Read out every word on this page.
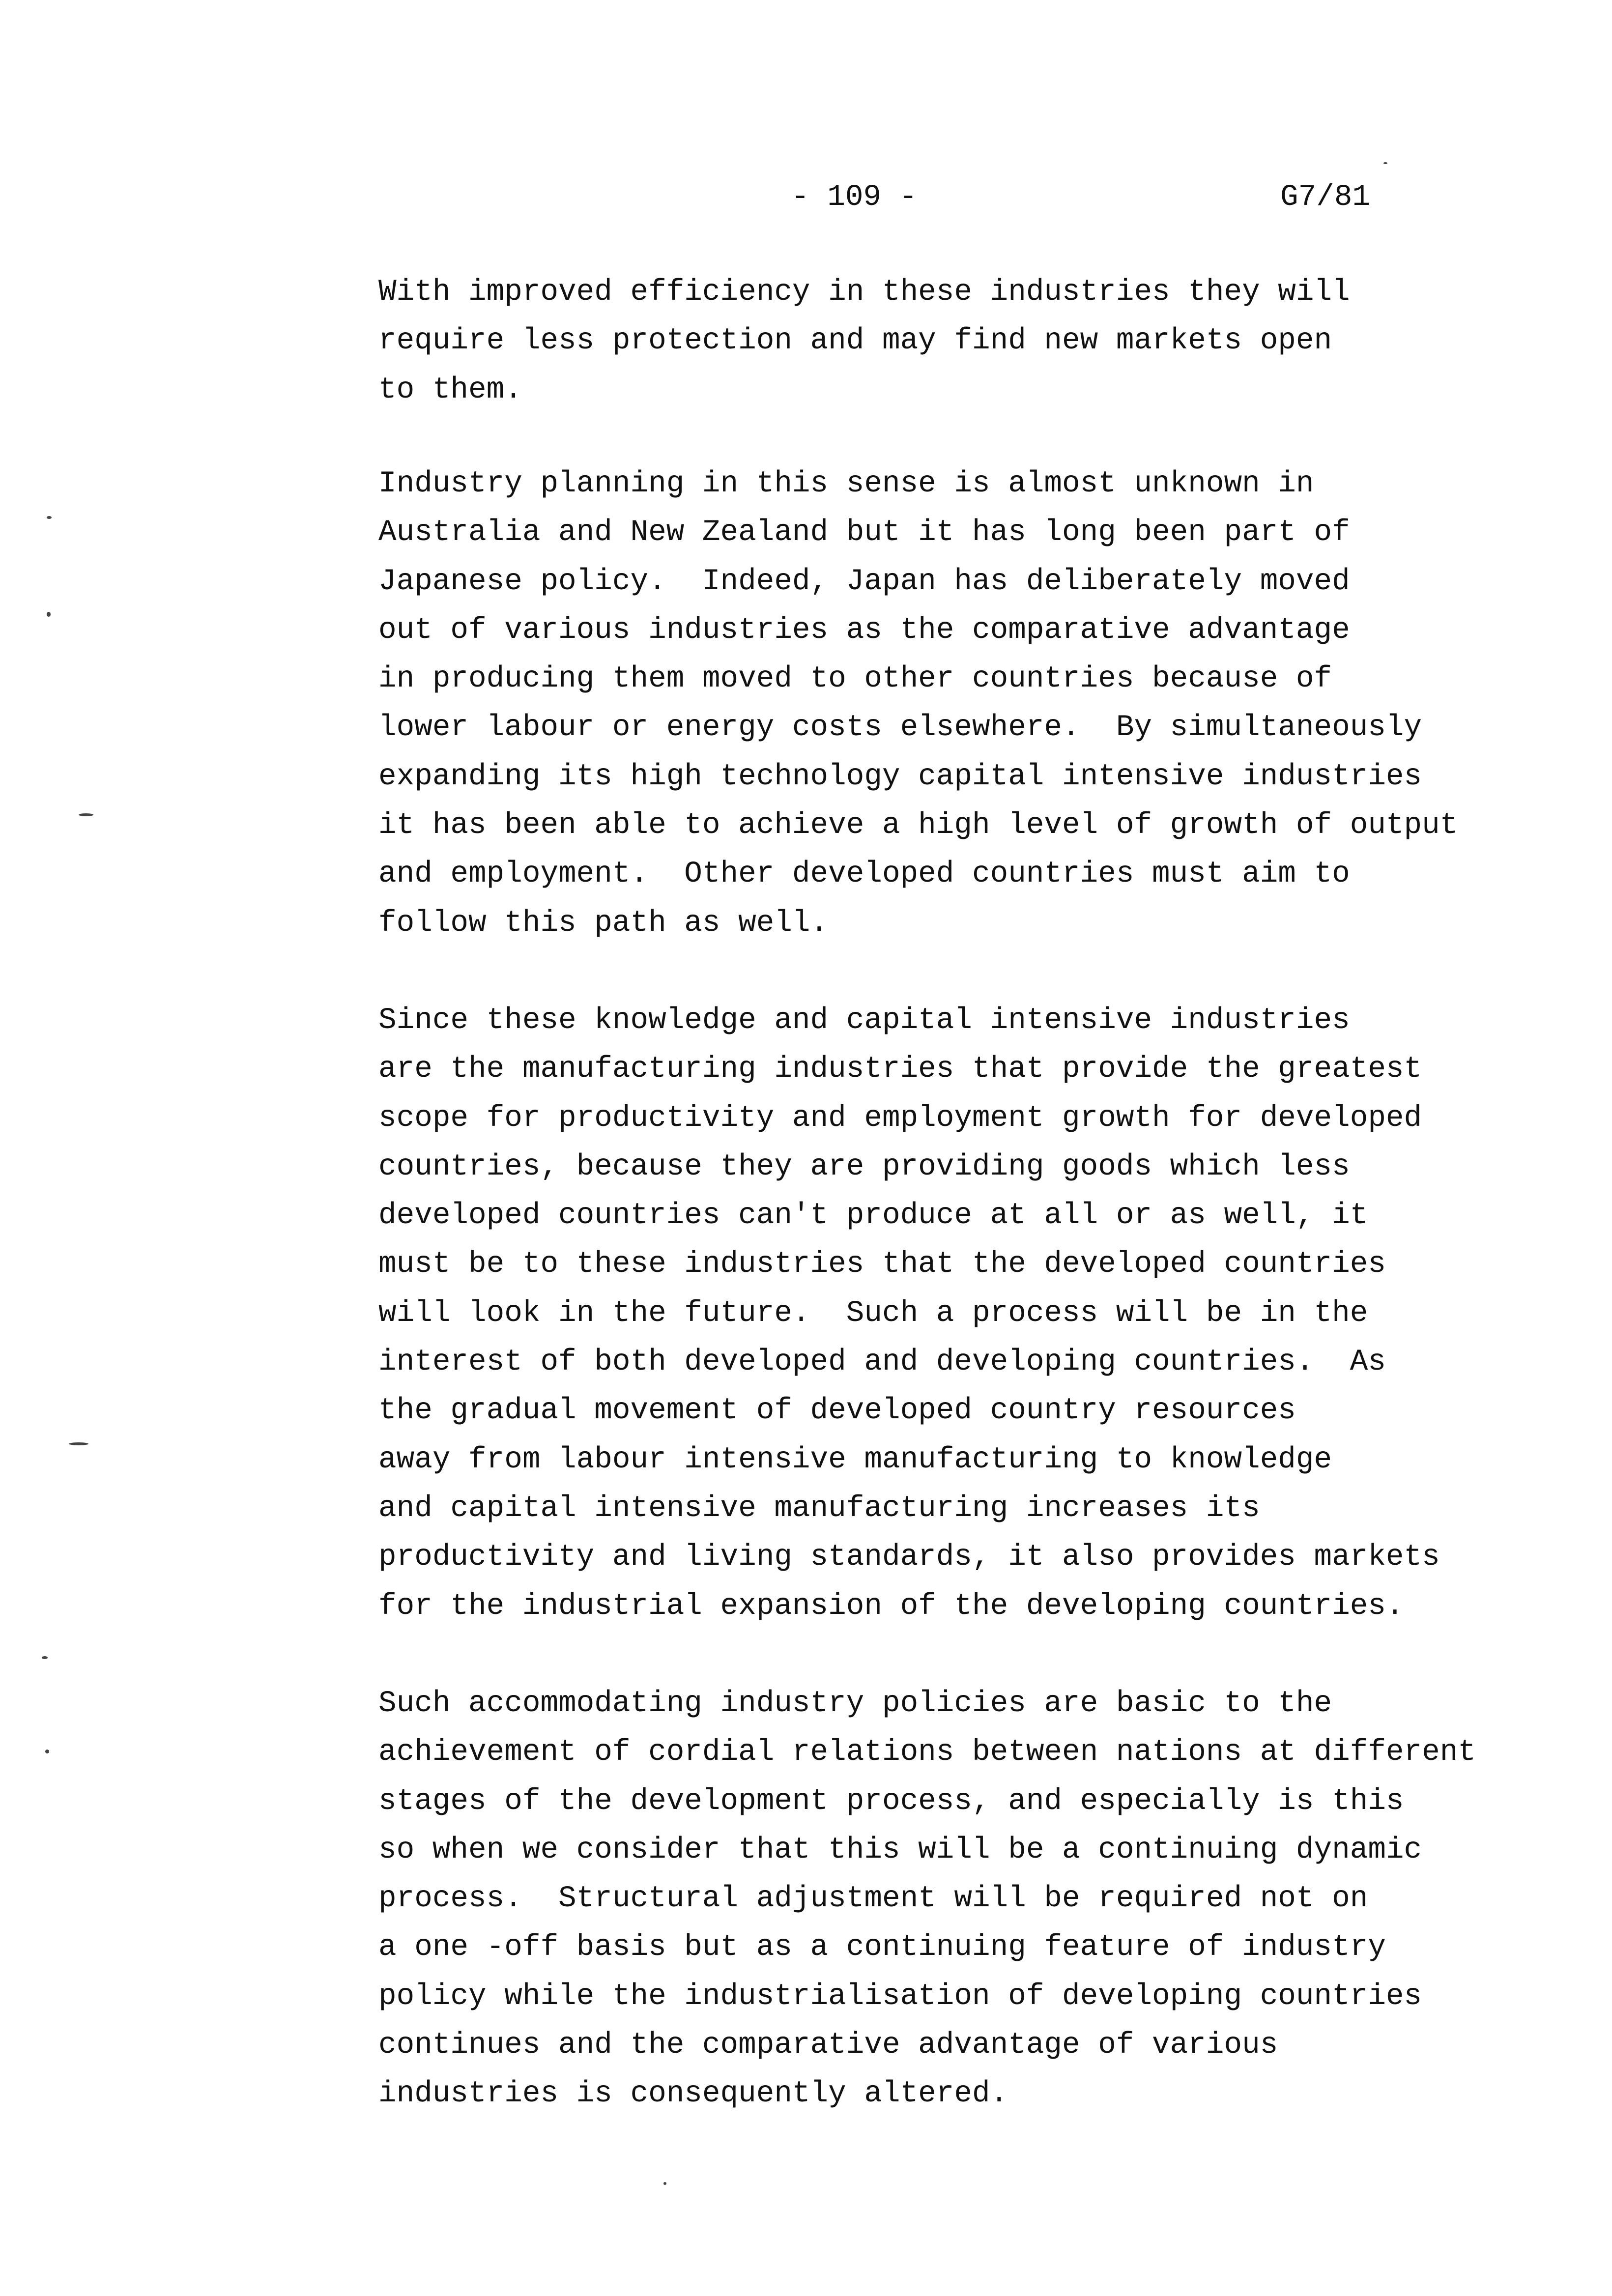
- 109 -	G7/81
With improved efficiency in these industries they will
require less protection and may find new markets open
to them.
Industry planning in this sense is almost unknown in
Australia and New Zealand but it has long been part of
Japanese policy.  Indeed, Japan has deliberately moved
out of various industries as the comparative advantage
in producing them moved to other countries because of
lower labour or energy costs elsewhere.  By simultaneously
expanding its high technology capital intensive industries
it has been able to achieve a high level of growth of output
and employment.  Other developed countries must aim to
follow this path as well.
Since these knowledge and capital intensive industries
are the manufacturing industries that provide the greatest
scope for productivity and employment growth for developed
countries, because they are providing goods which less
developed countries can't produce at all or as well, it
must be to these industries that the developed countries
will look in the future.  Such a process will be in the
interest of both developed and developing countries.  As
the gradual movement of developed country resources
away from labour intensive manufacturing to knowledge
and capital intensive manufacturing increases its
productivity and living standards, it also provides markets
for the industrial expansion of the developing countries.
Such accommodating industry policies are basic to the
achievement of cordial relations between nations at different
stages of the development process, and especially is this
so when we consider that this will be a continuing dynamic
process.  Structural adjustment will be required not on
a one -off basis but as a continuing feature of industry
policy while the industrialisation of developing countries
continues and the comparative advantage of various
industries is consequently altered.
